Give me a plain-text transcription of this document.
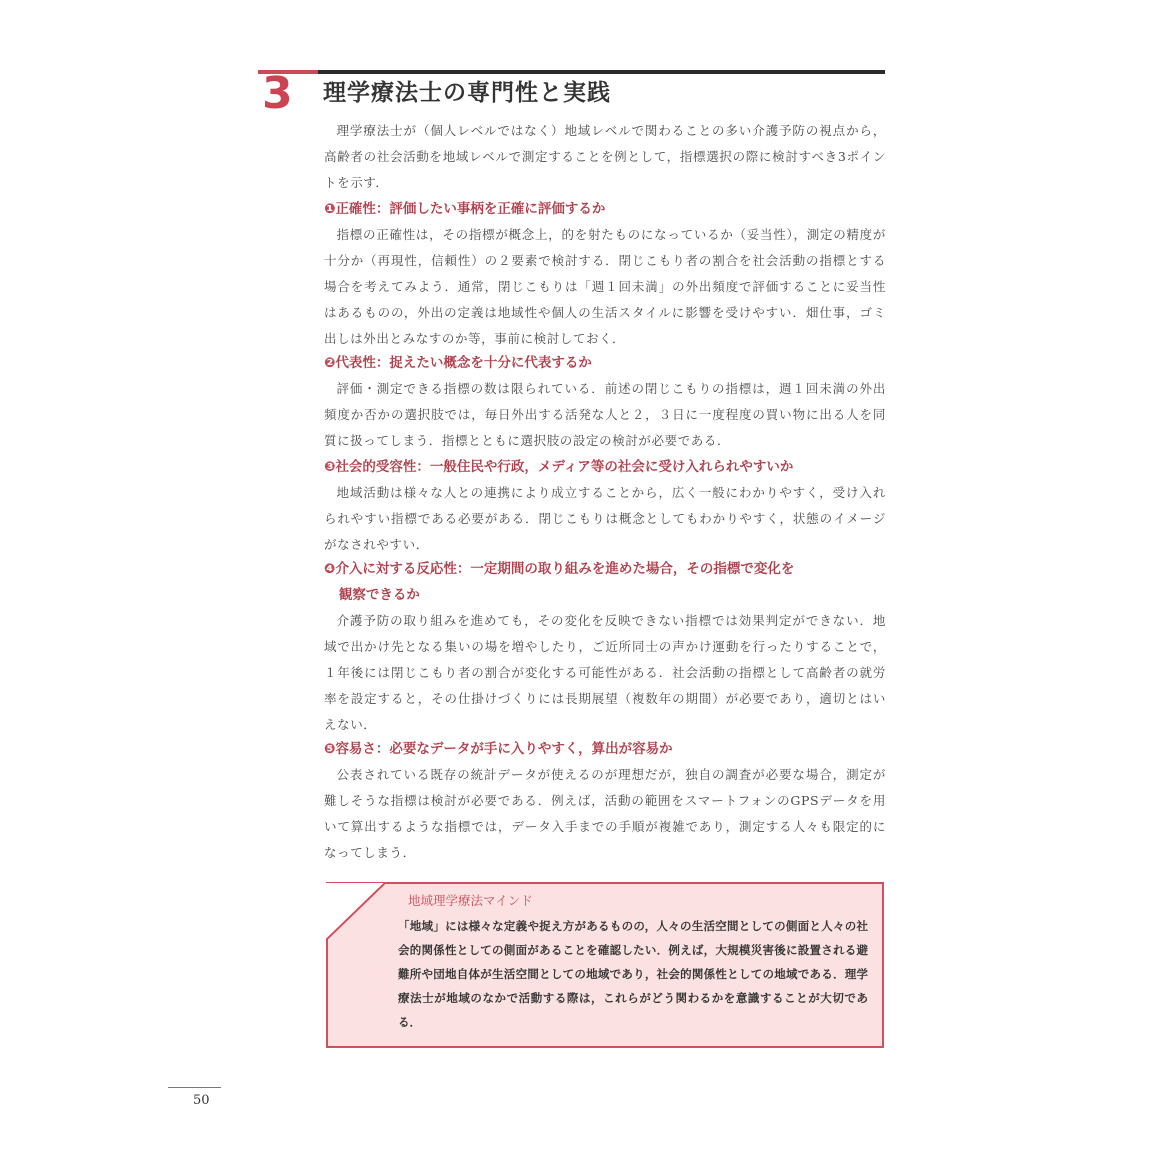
3 理学療法士の専門性と実践

理学療法士が（個人レベルではなく）地域レベルで関わることの多い介護予防の視点から，高齢者の社会活動を地域レベルで測定することを例として，指標選択の際に検討すべき3ポイントを示す．

❶正確性：評価したい事柄を正確に評価するか

指標の正確性は，その指標が概念上，的を射たものになっているか（妥当性），測定の精度が十分か（再現性，信頼性）の２要素で検討する．閉じこもり者の割合を社会活動の指標とする場合を考えてみよう．通常，閉じこもりは「週１回未満」の外出頻度で評価することに妥当性はあるものの，外出の定義は地域性や個人の生活スタイルに影響を受けやすい．畑仕事，ゴミ出しは外出とみなすのか等，事前に検討しておく．

❷代表性：捉えたい概念を十分に代表するか

評価・測定できる指標の数は限られている．前述の閉じこもりの指標は，週１回未満の外出頻度か否かの選択肢では，毎日外出する活発な人と２，３日に一度程度の買い物に出る人を同質に扱ってしまう．指標とともに選択肢の設定の検討が必要である．

❸社会的受容性：一般住民や行政，メディア等の社会に受け入れられやすいか

地域活動は様々な人との連携により成立することから，広く一般にわかりやすく，受け入れられやすい指標である必要がある．閉じこもりは概念としてもわかりやすく，状態のイメージがなされやすい．

❹介入に対する反応性：一定期間の取り組みを進めた場合，その指標で変化を
観察できるか

介護予防の取り組みを進めても，その変化を反映できない指標では効果判定ができない．地域で出かけ先となる集いの場を増やしたり，ご近所同士の声かけ運動を行ったりすることで，１年後には閉じこもり者の割合が変化する可能性がある．社会活動の指標として高齢者の就労率を設定すると，その仕掛けづくりには長期展望（複数年の期間）が必要であり，適切とはいえない．

❺容易さ：必要なデータが手に入りやすく，算出が容易か

公表されている既存の統計データが使えるのが理想だが，独自の調査が必要な場合，測定が難しそうな指標は検討が必要である．例えば，活動の範囲をスマートフォンのGPSデータを用いて算出するような指標では，データ入手までの手順が複雑であり，測定する人々も限定的になってしまう．

地域理学療法マインド

「地域」には様々な定義や捉え方があるものの，人々の生活空間としての側面と人々の社会的関係性としての側面があることを確認したい．例えば，大規模災害後に設置される避難所や団地自体が生活空間としての地域であり，社会的関係性としての地域である．理学療法士が地域のなかで活動する際は，これらがどう関わるかを意識することが大切である．

50
